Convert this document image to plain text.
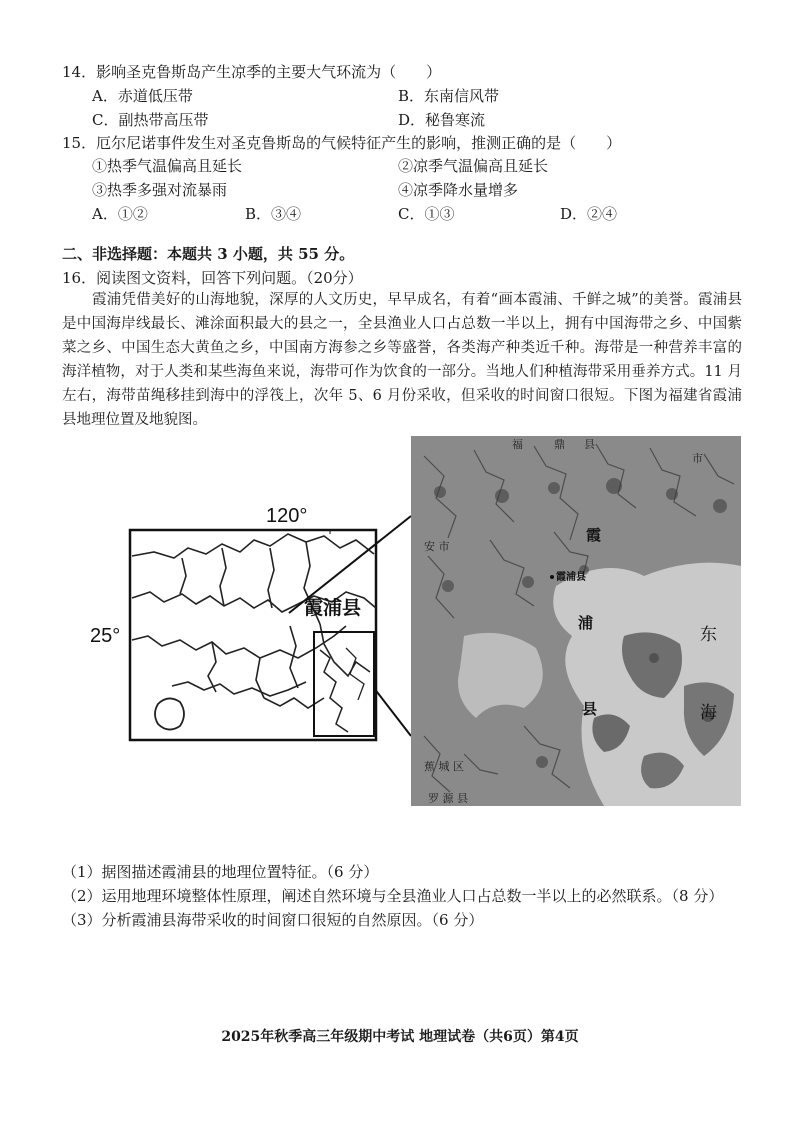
14．影响圣克鲁斯岛产生凉季的主要大气环流为（　　）
A．赤道低压带	B．东南信风带
C．副热带高压带	D．秘鲁寒流
15．厄尔尼诺事件发生对圣克鲁斯岛的气候特征产生的影响，推测正确的是（　　）
①热季气温偏高且延长	②凉季气温偏高且延长
③热季多强对流暴雨	④凉季降水量增多
A．①②	B．③④	C．①③	D．②④
二、非选择题：本题共 3 小题，共 55 分。
16．阅读图文资料，回答下列问题。（20分）
霞浦凭借美好的山海地貌，深厚的人文历史，早早成名，有着“画本霞浦、千鲜之城”的美誉。霞浦县是中国海岸线最长、滩涂面积最大的县之一，全县渔业人口占总数一半以上，拥有中国海带之乡、中国紫菜之乡、中国生态大黄鱼之乡，中国南方海参之乡等盛誉，各类海产种类近千种。海带是一种营养丰富的海洋植物，对于人类和某些海鱼来说，海带可作为饮食的一部分。当地人们种植海带采用垂养方式。11 月左右，海带苗绳移挂到海中的浮筏上，次年 5、6 月份采收，但采收的时间窗口很短。下图为福建省霞浦县地理位置及地貌图。
120°
25°
霞浦县
福	鼎 县
市
安 市
霞
霞浦县
浦
县
东
海
蕉 城 区
罗 源 县
（1）据图描述霞浦县的地理位置特征。（6 分）
（2）运用地理环境整体性原理，阐述自然环境与全县渔业人口占总数一半以上的必然联系。（8 分）
（3）分析霞浦县海带采收的时间窗口很短的自然原因。（6 分）
2025年秋季高三年级期中考试 地理试卷（共6页）第4页
